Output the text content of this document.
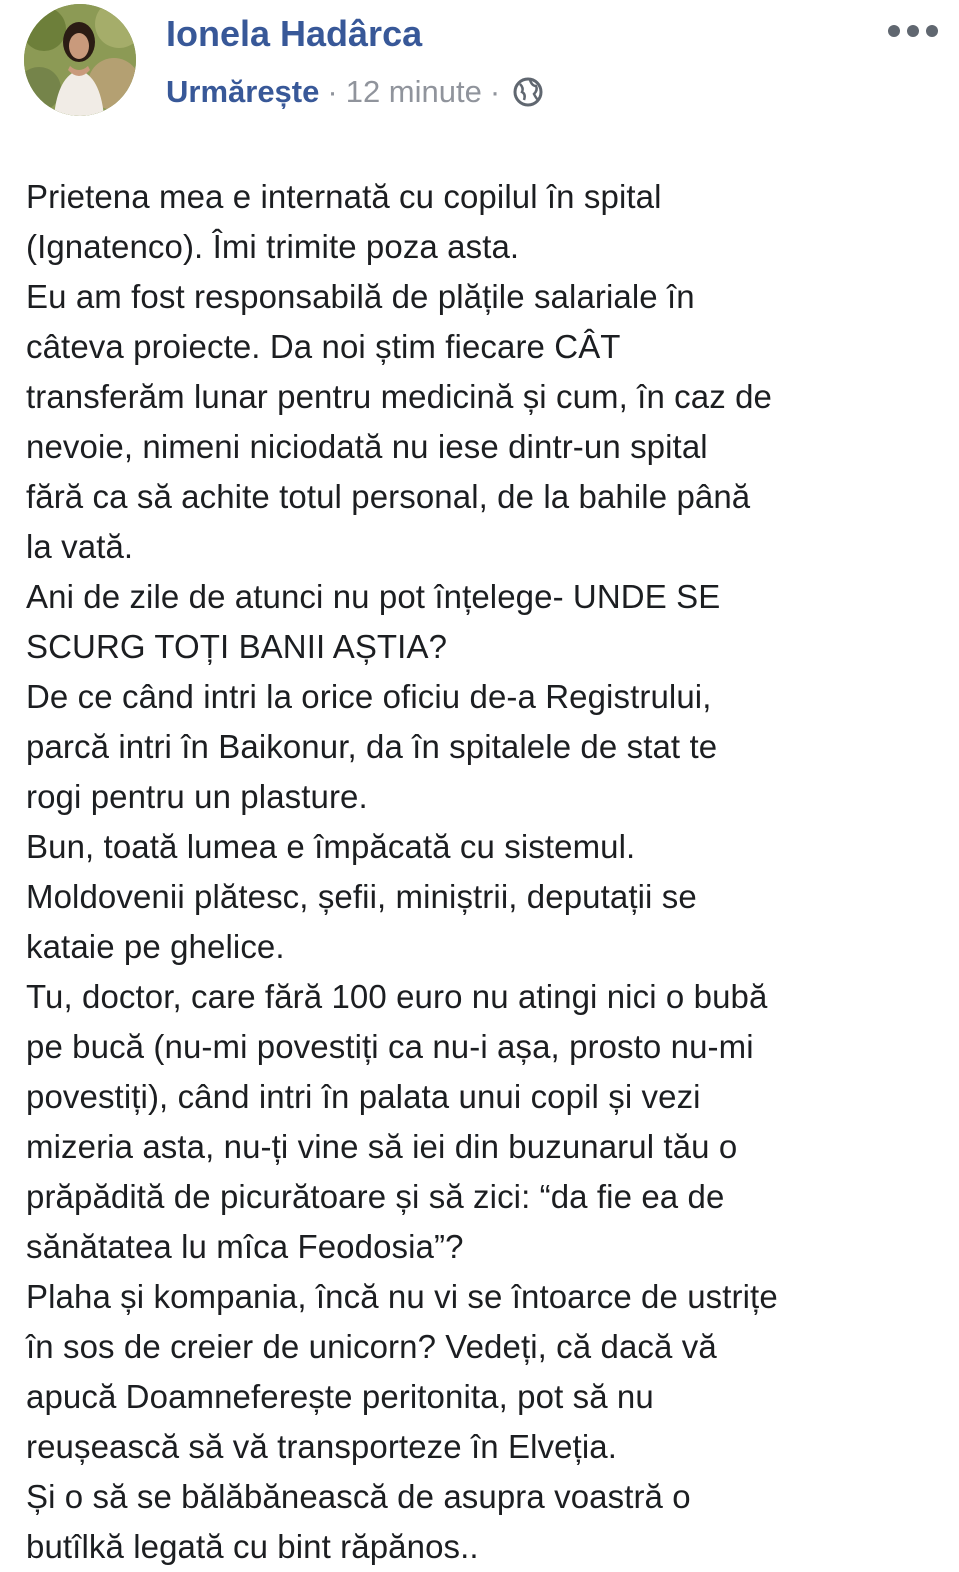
Ionela Hadârca
Urmărește · 12 minute ·
Prietena mea e internată cu copilul în spital
(Ignatenco). Îmi trimite poza asta.
Eu am fost responsabilă de plățile salariale în
câteva proiecte. Da noi știm fiecare CÂT
transferăm lunar pentru medicină și cum, în caz de
nevoie, nimeni niciodată nu iese dintr-un spital
fără ca să achite totul personal, de la bahile până
la vată.
Ani de zile de atunci nu pot înțelege- UNDE SE
SCURG TOȚI BANII AȘTIA?
De ce când intri la orice oficiu de-a Registrului,
parcă intri în Baikonur, da în spitalele de stat te
rogi pentru un plasture.
Bun, toată lumea e împăcată cu sistemul.
Moldovenii plătesc, șefii, miniștrii, deputații se
kataie pe ghelice.
Tu, doctor, care fără 100 euro nu atingi nici o bubă
pe bucă (nu-mi povestiți ca nu-i așa, prosto nu-mi
povestiți), când intri în palata unui copil și vezi
mizeria asta, nu-ți vine să iei din buzunarul tău o
prăpădită de picurătoare și să zici: “da fie ea de
sănătatea lu mîca Feodosia”?
Plaha și kompania, încă nu vi se întoarce de ustrițe
în sos de creier de unicorn? Vedeți, că dacă vă
apucă Doamneferește peritonita, pot să nu
reușească să vă transporteze în Elveția.
Și o să se bălăbănească de asupra voastră o
butîlkă legată cu bint răpănos..
